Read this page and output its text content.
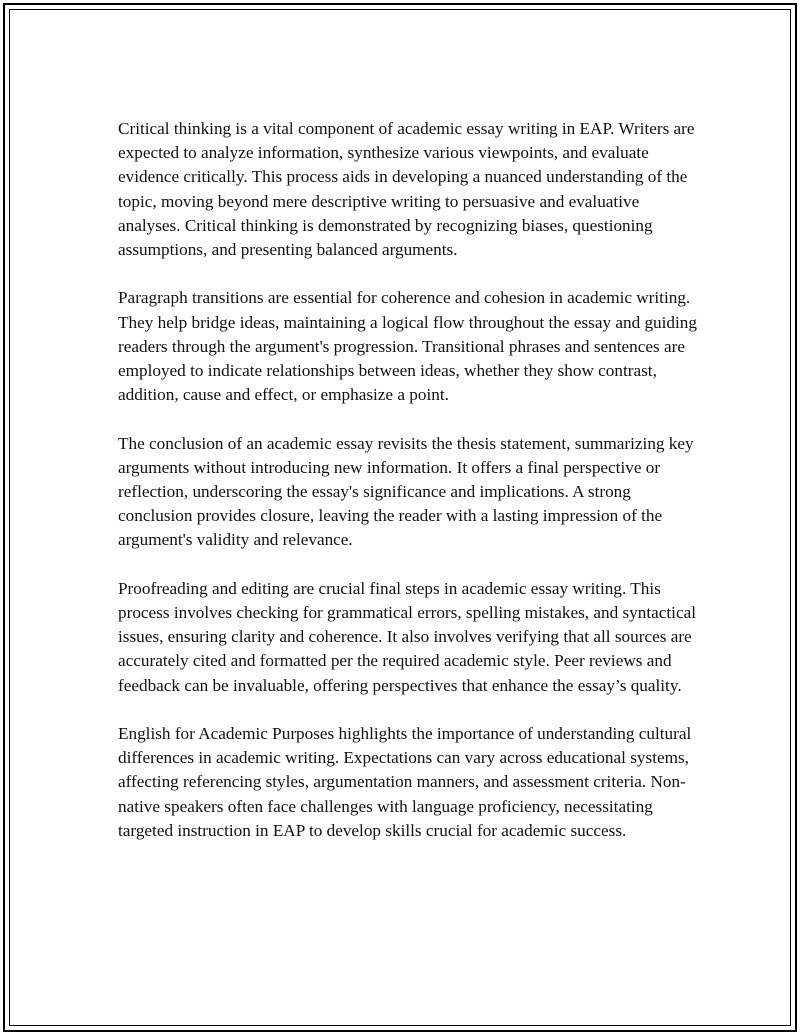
Critical thinking is a vital component of academic essay writing in EAP. Writers are expected to analyze information, synthesize various viewpoints, and evaluate evidence critically. This process aids in developing a nuanced understanding of the topic, moving beyond mere descriptive writing to persuasive and evaluative analyses. Critical thinking is demonstrated by recognizing biases, questioning assumptions, and presenting balanced arguments.

Paragraph transitions are essential for coherence and cohesion in academic writing. They help bridge ideas, maintaining a logical flow throughout the essay and guiding readers through the argument's progression. Transitional phrases and sentences are employed to indicate relationships between ideas, whether they show contrast, addition, cause and effect, or emphasize a point.

The conclusion of an academic essay revisits the thesis statement, summarizing key arguments without introducing new information. It offers a final perspective or reflection, underscoring the essay's significance and implications. A strong conclusion provides closure, leaving the reader with a lasting impression of the argument's validity and relevance.

Proofreading and editing are crucial final steps in academic essay writing. This process involves checking for grammatical errors, spelling mistakes, and syntactical issues, ensuring clarity and coherence. It also involves verifying that all sources are accurately cited and formatted per the required academic style. Peer reviews and feedback can be invaluable, offering perspectives that enhance the essay’s quality.

English for Academic Purposes highlights the importance of understanding cultural differences in academic writing. Expectations can vary across educational systems, affecting referencing styles, argumentation manners, and assessment criteria. Non-native speakers often face challenges with language proficiency, necessitating targeted instruction in EAP to develop skills crucial for academic success.
